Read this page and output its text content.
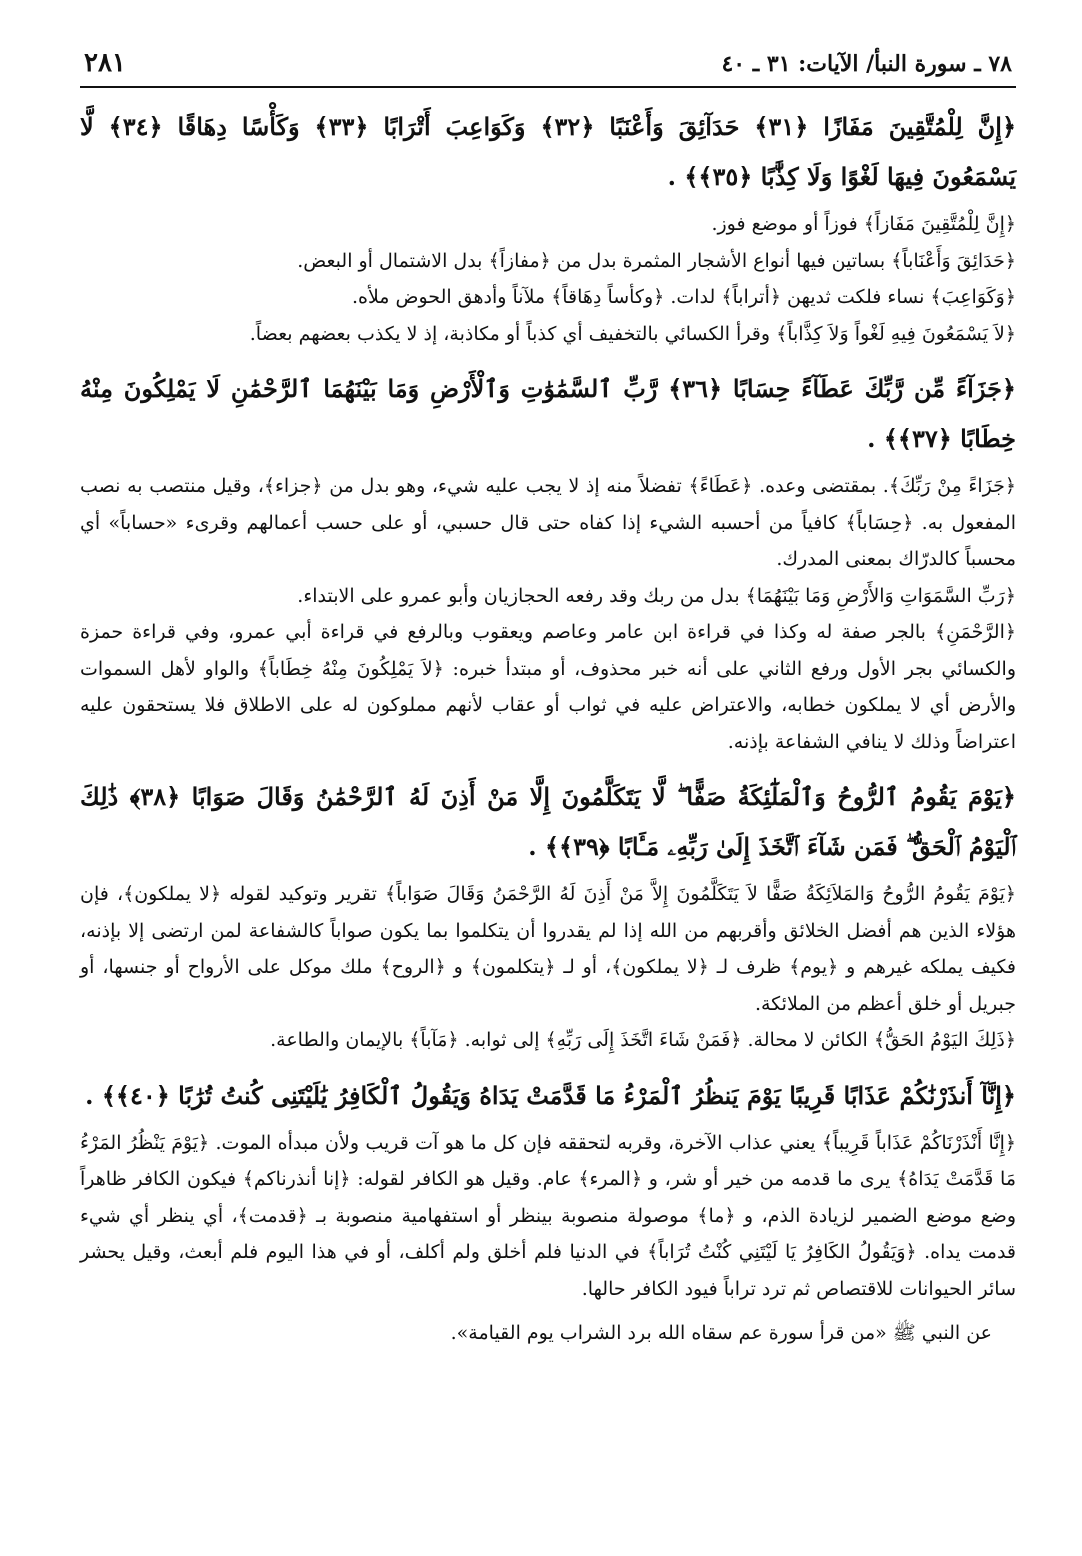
٧٨ ـ سورة النبأ/ الآيات: ٣١ ـ ٤٠
٢٨١

﴿إِنَّ لِلْمُتَّقِينَ مَفَازًا ﴿٣١﴾ حَدَآئِقَ وَأَعْنَبًا ﴿٣٢﴾ وَكَوَاعِبَ أَتْرَابًا ﴿٣٣﴾ وَكَأْسًا دِهَاقًا ﴿٣٤﴾ لَّا يَسْمَعُونَ فِيهَا لَغْوًا وَلَا كِذَّٰبًا ﴿٣٥﴾﴾ .

﴿إِنَّ لِلْمُتَّقِينَ مَفَازاً﴾ فوزاً أو موضع فوز.

﴿حَدَائِقَ وَأَعْنَاباً﴾ بساتين فيها أنواع الأشجار المثمرة بدل من ﴿مفازاً﴾ بدل الاشتمال أو البعض.

﴿وَكَوَاعِبَ﴾ نساء فلكت ثديهن ﴿أتراباً﴾ لدات. ﴿وكأساً دِهَاقاً﴾ ملآناً وأدهق الحوض ملأه.

﴿لاَ يَسْمَعُونَ فِيهِ لَغْواً وَلاَ كِذَّاباً﴾ وقرأ الكسائي بالتخفيف أي كذباً أو مكاذبة، إذ لا يكذب بعضهم بعضاً.

﴿جَزَآءً مِّن رَّبِّكَ عَطَآءً حِسَابًا ﴿٣٦﴾ رَّبِّ ٱلسَّمَٰوَٰتِ وَٱلْأَرْضِ وَمَا بَيْنَهُمَا ٱلرَّحْمَٰنِ لَا يَمْلِكُونَ مِنْهُ خِطَابًا ﴿٣٧﴾﴾ .

﴿جَزَاءً مِنْ رَبِّكَ﴾. بمقتضى وعده. ﴿عَطَاءً﴾ تفضلاً منه إذ لا يجب عليه شيء، وهو بدل من ﴿جزاء﴾، وقيل منتصب به نصب المفعول به. ﴿حِسَاباً﴾ كافياً من أحسبه الشيء إذا كفاه حتى قال حسبي، أو على حسب أعمالهم وقرىء «حساباً» أي محسباً كالدرّاك بمعنى المدرك.

﴿رَبِّ السَّمَوَاتِ وَالأَرْضِ وَمَا بَيْنَهُمَا﴾ بدل من ربك وقد رفعه الحجازيان وأبو عمرو على الابتداء.

﴿الرَّحْمَنِ﴾ بالجر صفة له وكذا في قراءة ابن عامر وعاصم ويعقوب وبالرفع في قراءة أبي عمرو، وفي قراءة حمزة والكسائي بجر الأول ورفع الثاني على أنه خبر محذوف، أو مبتدأ خبره: ﴿لاَ يَمْلِكُونَ مِنْهُ خِطَاباً﴾ والواو لأهل السموات والأرض أي لا يملكون خطابه، والاعتراض عليه في ثواب أو عقاب لأنهم مملوكون له على الاطلاق فلا يستحقون عليه اعتراضاً وذلك لا ينافي الشفاعة بإذنه.

﴿يَوْمَ يَقُومُ ٱلرُّوحُ وَٱلْمَلَٰٓئِكَةُ صَفًّا ۖ لَّا يَتَكَلَّمُونَ إِلَّا مَنْ أَذِنَ لَهُ ٱلرَّحْمَٰنُ وَقَالَ صَوَابًا ﴿٣٨﴾ ذَٰلِكَ ٱلْيَوْمُ ٱلْحَقُّ ۖ فَمَن شَآءَ ٱتَّخَذَ إِلَىٰ رَبِّهِۦ مَـَٔابًا ﴿٣٩﴾﴾ .

﴿يَوْمَ يَقُومُ الرُّوحُ وَالمَلاَئِكَةُ صَفًّا لاَ يَتَكَلَّمُونَ إِلاَّ مَنْ أَذِنَ لَهُ الرَّحْمَنُ وَقَالَ صَوَاباً﴾ تقرير وتوكيد لقوله ﴿لا يملكون﴾، فإن هؤلاء الذين هم أفضل الخلائق وأقربهم من الله إذا لم يقدروا أن يتكلموا بما يكون صواباً كالشفاعة لمن ارتضى إلا بإذنه، فكيف يملكه غيرهم و ﴿يوم﴾ ظرف لـ ﴿لا يملكون﴾، أو لـ ﴿يتكلمون﴾ و ﴿الروح﴾ ملك موكل على الأرواح أو جنسها، أو جبريل أو خلق أعظم من الملائكة.

﴿ذَلِكَ اليَوْمُ الحَقُّ﴾ الكائن لا محالة. ﴿فَمَنْ شَاءَ اتَّخَذَ إِلَى رَبِّهِ﴾ إلى ثوابه. ﴿مَآباً﴾ بالإيمان والطاعة.

﴿إِنَّآ أَنذَرْنَٰكُمْ عَذَابًا قَرِيبًا يَوْمَ يَنظُرُ ٱلْمَرْءُ مَا قَدَّمَتْ يَدَاهُ وَيَقُولُ ٱلْكَافِرُ يَٰلَيْتَنِى كُنتُ تُرَٰبًا ﴿٤٠﴾﴾ .

﴿إِنَّا أَنْذَرْنَاكُمْ عَذَاباً قَرِيباً﴾ يعني عذاب الآخرة، وقربه لتحققه فإن كل ما هو آت قريب ولأن مبدأه الموت. ﴿يَوْمَ يَنْظُرُ المَرْءُ مَا قَدَّمَتْ يَدَاهُ﴾ يرى ما قدمه من خير أو شر، و ﴿المرء﴾ عام. وقيل هو الكافر لقوله: ﴿إنا أنذرناكم﴾ فيكون الكافر ظاهراً وضع موضع الضمير لزيادة الذم، و ﴿ما﴾ موصولة منصوبة بينظر أو استفهامية منصوبة بـ ﴿قدمت﴾، أي ينظر أي شيء قدمت يداه. ﴿وَيَقُولُ الكَافِرُ يَا لَيْتَنِي كُنْتُ تُرَاباً﴾ في الدنيا فلم أخلق ولم أكلف، أو في هذا اليوم فلم أبعث، وقيل يحشر سائر الحيوانات للاقتصاص ثم ترد تراباً فيود الكافر حالها.

عن النبي ﷺ «من قرأ سورة عم سقاه الله برد الشراب يوم القيامة».
